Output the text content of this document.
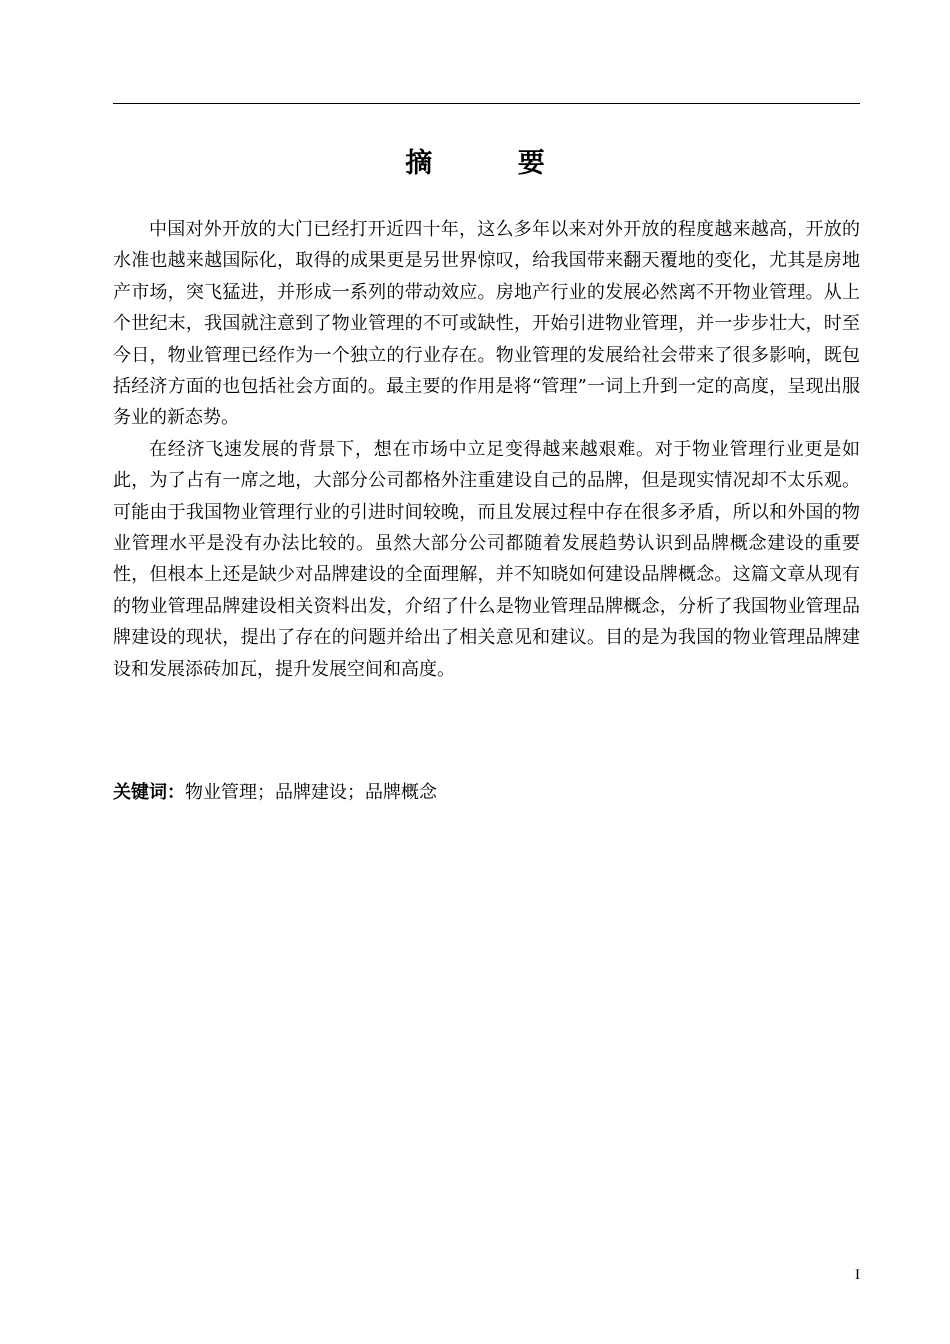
摘 要

中国对外开放的大门已经打开近四十年，这么多年以来对外开放的程度越来越高，开放的水准也越来越国际化，取得的成果更是另世界惊叹，给我国带来翻天覆地的变化，尤其是房地产市场，突飞猛进，并形成一系列的带动效应。房地产行业的发展必然离不开物业管理。从上个世纪末，我国就注意到了物业管理的不可或缺性，开始引进物业管理，并一步步壮大，时至今日，物业管理已经作为一个独立的行业存在。物业管理的发展给社会带来了很多影响，既包括经济方面的也包括社会方面的。最主要的作用是将“管理”一词上升到一定的高度，呈现出服务业的新态势。

在经济飞速发展的背景下，想在市场中立足变得越来越艰难。对于物业管理行业更是如此，为了占有一席之地，大部分公司都格外注重建设自己的品牌，但是现实情况却不太乐观。可能由于我国物业管理行业的引进时间较晚，而且发展过程中存在很多矛盾，所以和外国的物业管理水平是没有办法比较的。虽然大部分公司都随着发展趋势认识到品牌概念建设的重要性，但根本上还是缺少对品牌建设的全面理解，并不知晓如何建设品牌概念。这篇文章从现有的物业管理品牌建设相关资料出发，介绍了什么是物业管理品牌概念，分析了我国物业管理品牌建设的现状，提出了存在的问题并给出了相关意见和建议。目的是为我国的物业管理品牌建设和发展添砖加瓦，提升发展空间和高度。

关键词：物业管理；品牌建设；品牌概念
I
